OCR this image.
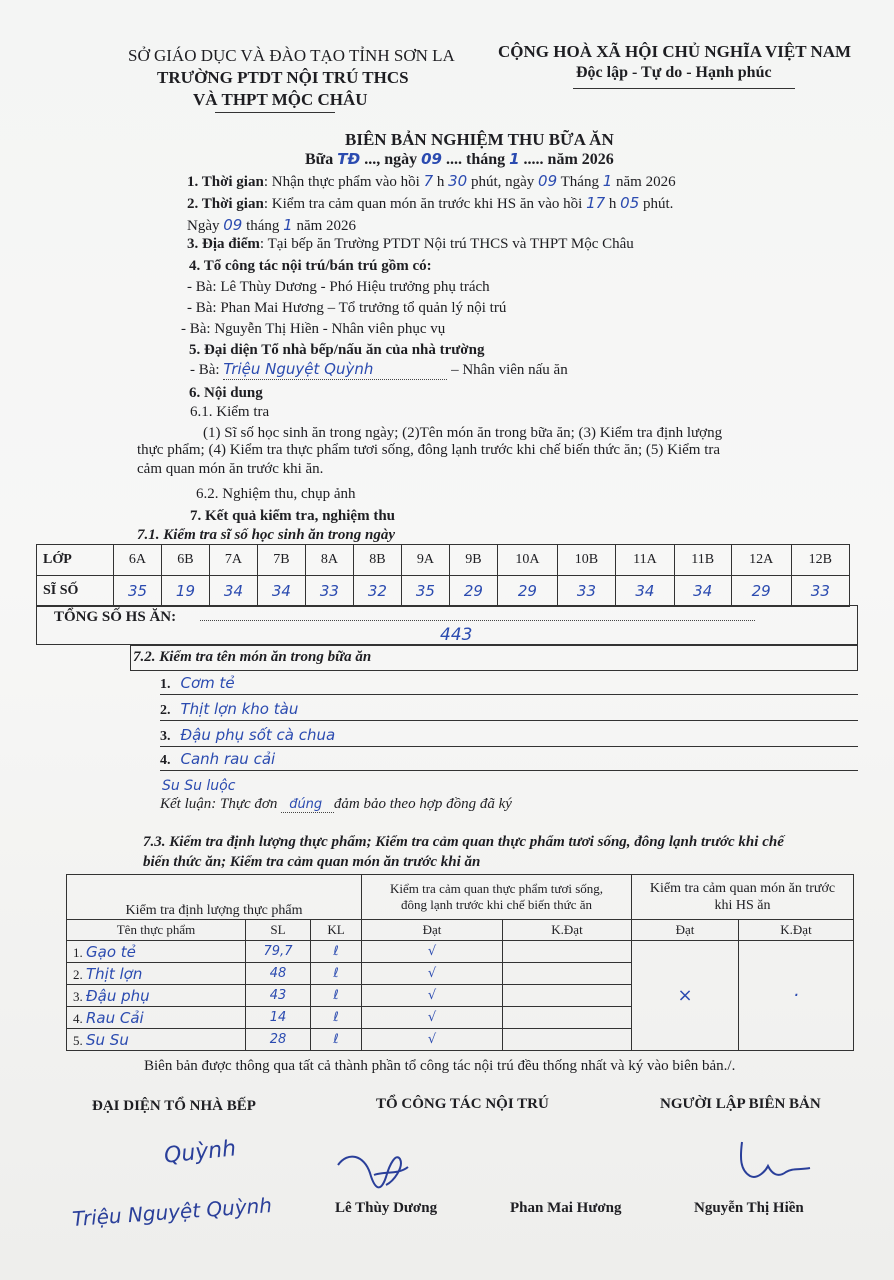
SỞ GIÁO DỤC VÀ ĐÀO TẠO TỈNH SƠN LA
TRƯỜNG PTDT NỘI TRÚ THCS
VÀ THPT MỘC CHÂU
CỘNG HOÀ XÃ HỘI CHỦ NGHĨA VIỆT NAM
Độc lập - Tự do - Hạnh phúc
BIÊN BẢN NGHIỆM THU BỮA ĂN
Bữa TĐ ..., ngày 09 .... tháng 1 ..... năm 2026
1. Thời gian: Nhận thực phẩm vào hồi 7 h 30 phút, ngày 09 Tháng 1 năm 2026
2. Thời gian: Kiểm tra cảm quan món ăn trước khi HS ăn vào hồi 17 h 05 phút.
Ngày 09 tháng 1 năm 2026
3. Địa điểm: Tại bếp ăn Trường PTDT Nội trú THCS và THPT Mộc Châu
4. Tổ công tác nội trú/bán trú gồm có:
- Bà: Lê Thùy Dương - Phó Hiệu trưởng phụ trách
- Bà: Phan Mai Hương – Tổ trưởng tổ quản lý nội trú
- Bà: Nguyễn Thị Hiền - Nhân viên phục vụ
5. Đại diện Tổ nhà bếp/nấu ăn của nhà trường
- Bà: Triệu Nguyệt Quỳnh	– Nhân viên nấu ăn
6. Nội dung
6.1. Kiểm tra
(1) Sĩ số học sinh ăn trong ngày; (2)Tên món ăn trong bữa ăn; (3) Kiểm tra định lượng
thực phẩm; (4) Kiểm tra thực phẩm tươi sống, đông lạnh trước khi chế biến thức ăn; (5) Kiểm tra
cảm quan món ăn trước khi ăn.
6.2. Nghiệm thu, chụp ảnh
7. Kết quả kiểm tra, nghiệm thu
7.1. Kiểm tra sĩ số học sinh ăn trong ngày
LỚP	6A	6B	7A	7B	8A	8B	9A	9B	10A	10B	11A	11B	12A	12B
SĨ SỐ	35	19	34	34	33	32	35	29	29	33	34	34	29	33
TỔNG SỐ HS ĂN:
443
7.2. Kiểm tra tên món ăn trong bữa ăn
1. Cơm tẻ
2. Thịt lợn kho tàu
3. Đậu phụ sốt cà chua
4. Canh rau cải
Su Su luộc
Kết luận: Thực đơn đúng đảm bảo theo hợp đồng đã ký
7.3. Kiểm tra định lượng thực phẩm; Kiểm tra cảm quan thực phẩm tươi sống, đông lạnh trước khi chế
biến thức ăn; Kiểm tra cảm quan món ăn trước khi ăn
Kiểm tra định lượng thực phẩm			Kiểm tra cảm quan thực phẩm tươi sống, đông lạnh trước khi chế biến thức ăn		Kiểm tra cảm quan món ăn trước khi HS ăn	
Tên thực phẩm	SL	KL	Đạt	K.Đạt	Đạt	K.Đạt
1. Gạo tẻ	79,7	ℓ	√		×	·
2. Thịt lợn	48	ℓ	√			
3. Đậu phụ	43	ℓ	√			
4. Rau Cải	14	ℓ	√			
5. Su Su	28	ℓ	√			
Biên bản được thông qua tất cả thành phần tổ công tác nội trú đều thống nhất và ký vào biên bản./.
ĐẠI DIỆN TỔ NHÀ BẾP	TỔ CÔNG TÁC NỘI TRÚ	NGƯỜI LẬP BIÊN BẢN
Quỳnh
Triệu Nguyệt Quỳnh	Lê Thùy Dương	Phan Mai Hương	Nguyễn Thị Hiền
